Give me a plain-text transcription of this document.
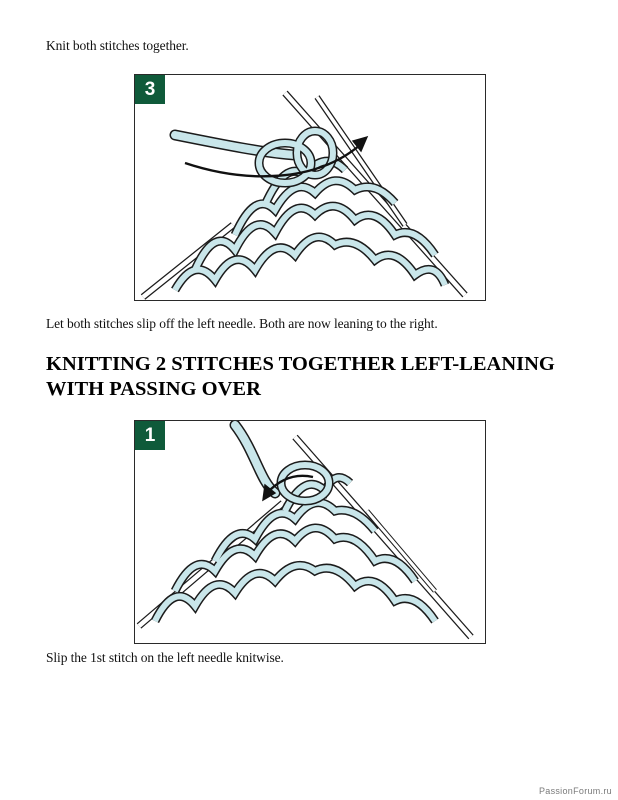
Knit both stitches together.

3

Let both stitches slip off the left needle. Both are now leaning to the right.

KNITTING 2 STITCHES TOGETHER LEFT-LEANING
WITH PASSING OVER
1

Slip the 1st stitch on the left needle knitwise.

PassionForum.ru
